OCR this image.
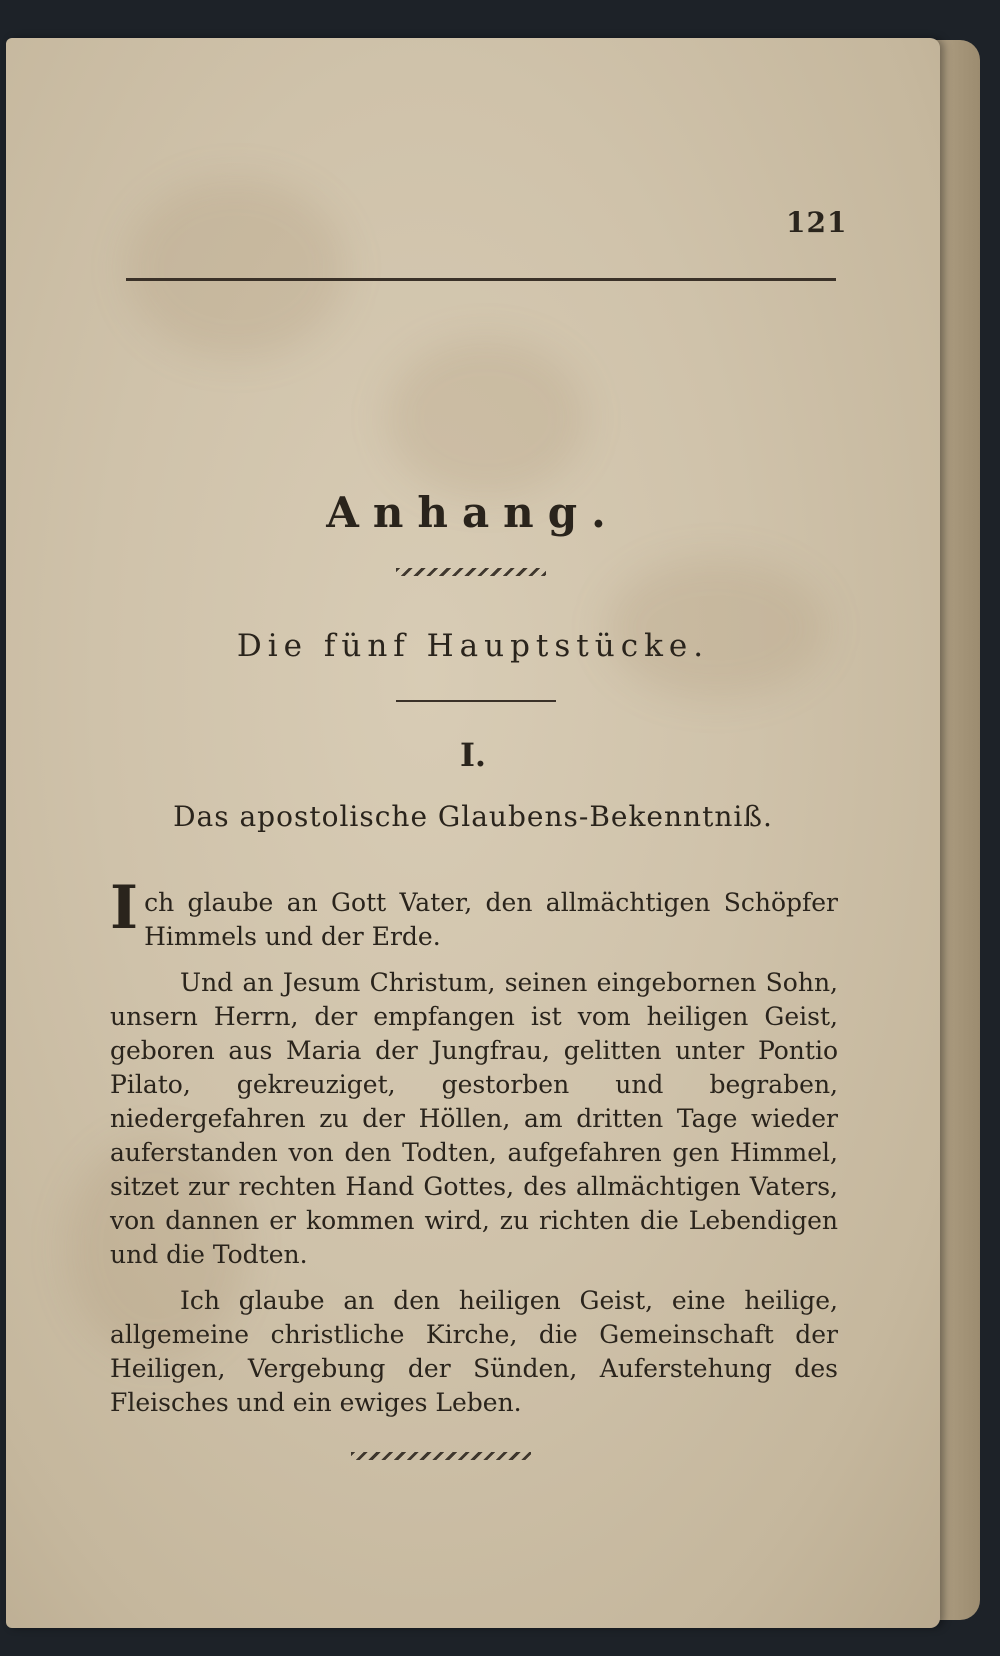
121
Anhang.
Die fünf Hauptstücke.
I.
Das apostolische Glaubens-Bekenntniß.

Ich glaube an Gott Vater, den allmächtigen Schöpfer Himmels und der Erde.

Und an Jesum Christum, seinen eingebornen Sohn, unsern Herrn, der empfangen ist vom heiligen Geist, geboren aus Maria der Jungfrau, gelitten unter Pontio Pilato, gekreuziget, gestorben und begraben, niedergefahren zu der Höllen, am dritten Tage wieder auferstanden von den Todten, aufgefahren gen Himmel, sitzet zur rechten Hand Gottes, des allmächtigen Vaters, von dannen er kommen wird, zu richten die Lebendigen und die Todten.

Ich glaube an den heiligen Geist, eine heilige, allgemeine christliche Kirche, die Gemeinschaft der Heiligen, Vergebung der Sünden, Auferstehung des Fleisches und ein ewiges Leben.
